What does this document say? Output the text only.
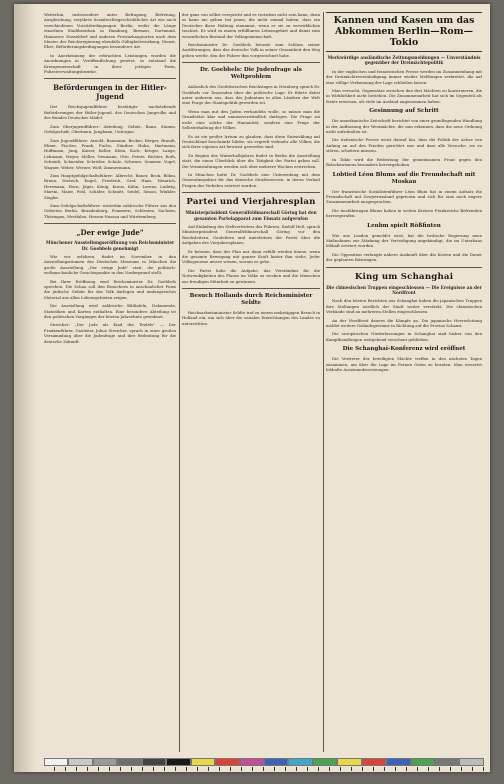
Weiterhin, insbesondere unter Befragung, Befreiung, Ausgleichung, verjährte Sozialrechtsgeschichtlicher Art wie auch verschiedenen Vorsitzbedingungen Berlin, wofür die Länge einzelnen Stadtbezirken in Hamburg, Bremen, Dortmund, Hannover, Düsseldorf und anderen Provinzhauptorten nach dem Muster der Reichsregierung ebenfalls Gültigkeitswirkung, Dienst, Ehre, Beförderungsbedingungen besonderer Art.

In Anerkennung der erbrachten Leistungen wurden die Anordnungen in Veröffentlichung gesetzt; so entstand die Kreisgemeinschaft in ihrer jetzigen Form, Polizeiverwaltungsbezirke.

Beförderungen in der Hitler-Jugend

Der Reichsjugendführer bestätigte nachstehende Beförderungen der Hitler-Jugend, des Deutschen Jungvolks und des Bundes Deutscher Mädel:

Zum Oberjugendführer: Abteilung, Gebiet, Bann, Stamm, Gefolgschaft, Oberbann, Jungbann, Untergau.

Zum Jugendführer: Arnold, Baumann, Becker, Berger, Brandt, Ebner, Fischer, Frank, Fuchs, Günther, Hahn, Hartmann, Hoffmann, Jung, Kaiser, Keller, Klein, Koch, Krüger, Lange, Lehmann, Meyer, Möller, Neumann, Otto, Peters, Richter, Roth, Schmidt, Schneider, Schröder, Schulz, Schwarz, Sommer, Vogel, Wagner, Weber, Werner, Wolf, Zimmermann.

Zum Hauptgefolgschaftsführer: Albrecht, Bauer, Beck, Böhm, Braun, Dietrich, Engel, Friedrich, Graf, Haas, Heinrich, Herrmann, Horn, Jäger, König, Kraus, Kühn, Lorenz, Ludwig, Martin, Maier, Pohl, Schäfer, Schmitt, Seidel, Simon, Winkler, Ziegler.

Zum Gefolgschaftsführer: weiterhin zahlreiche Führer aus den Gebieten Berlin, Brandenburg, Pommern, Schlesien, Sachsen, Thüringen, Westfalen, Hessen-Nassau und Württemberg.

„Der ewige Jude"
Münchener Ausstellungseröffnung von Reichsminister Dr. Goebbels genehmigt

Wie wir erfahren, findet im November in den Ausstellungsräumen des Deutschen Museums in München die große Ausstellung „Der ewige Jude" statt, die politisch-weltanschauliche Gesichtspunkte in den Vordergrund stellt.

Bei Ihrer Eröffnung wird Reichsminister Dr. Goebbels sprechen. Die Schau soll den Besuchern in anschaulicher Form die jüdische Gefahr für das Volk darlegen und umfangreiches Material aus allen Lebensgebieten zeigen.

Die Ausstellung wird zahlreiche Bildtafeln, Dokumente, Statistiken und Karten enthalten. Eine besondere Abteilung ist den politischen Vorgängen der letzten Jahrzehnte gewidmet.

Streicher: „Der Jude als Kind des Teufels" — Der Frankenführer, Gauleiter Julius Streicher, sprach in einer großen Versammlung über die Judenfrage und ihre Bedeutung für die deutsche Zukunft.

der ganz von selbst verspricht und es trotzdem nicht sein kann, denn es kann nie gehen bei jenen, die nicht einmal haben, dass ein Deutscher diese Haltung einnimmt, wenn er sie zu verwirklichen trachtet. Es wird zu einem erfüllbaren Lebensgebiet und damit zum wesentlichen Bestand der Volksgemeinschaft.

Reichsminister Dr. Goebbels betonte zum Schluss seiner Ausführungen, dass das deutsche Volk in seiner Gesamtheit den Weg gehen werde, den der Führer ihm vorgezeichnet habe.

Dr. Goebbels: Die Judenfrage als Weltproblem

Anlässlich des Großdeutschen Reichstages in Nürnberg sprach Dr. Goebbels vor Tausenden über die politische Lage. Er führte dabei unter anderem aus, dass das Judentum in allen Ländern der Welt eine Frage der Staatspolitik geworden sei.

Wenn man mit den Juden verhandeln wolle, so müsse man die Grundsätze klar und unmissverständlich darlegen. Die Frage sei nicht eine solche der Humanität, sondern eine Frage der Selbsterhaltung der Völker.

Es ist ein großer Irrtum zu glauben, dass diese Entwicklung auf Deutschland beschränkt bliebe; sie ergreift vielmehr alle Völker, die sich ihrer eigenen Art bewusst geworden sind.

Zu Beginn des Winterhalbjahres findet in Berlin die Ausstellung statt, die einen Überblick über die Tätigkeit der Partei geben soll. Die Veranstaltungen werden sich über mehrere Wochen erstrecken.

In München hatte Dr. Goebbels eine Unterredung mit dem Generalinspektor für das deutsche Straßenwesen, in deren Verlauf Fragen des Verkehrs erörtert wurden.

Partei und Vierjahresplan
Ministerpräsident Generalfeldmarschall Göring hat den gesamten Parteiapparat zum Einsatz aufgerufen

Auf Einladung des Stellvertreters des Führers, Rudolf Heß, sprach Ministerpräsident Generalfeldmarschall Göring vor den Reichsleitern, Gauleitern und Amtsleitern der Partei über die Aufgaben des Vierjahresplanes.

Er betonte, dass der Plan nur dann erfüllt werden könne, wenn die gesamte Bewegung mit ganzer Kraft hinter ihm stehe. Jeder Volksgenosse müsse wissen, worum es gehe.

Die Partei habe die Aufgabe, das Verständnis für die Notwendigkeiten des Planes im Volke zu wecken und die Menschen zur freudigen Mitarbeit zu gewinnen.

Besuch Hollands durch Reichsminister Seldte

Reichsarbeitsminister Seldte traf zu einem mehrtägigen Besuch in Holland ein, um sich über die sozialen Einrichtungen des Landes zu unterrichten.

Kannen und Kasen um das Abkommen Berlin—Rom—Tokio
Merkwürdige ausländische Zeitungsmeldungen — Unverständnis gegenüber der Dreimächtepolitik

In der englischen und französischen Presse werden im Zusammenhang mit der Dreimächteverständigung immer wieder Meldungen verbreitet, die auf eine völlige Verkennung der Lage schließen lassen.

Man versucht, Gegensätze zwischen den drei Mächten zu konstruieren, die in Wirklichkeit nicht bestehen. Die Zusammenarbeit hat sich im Gegenteil als fester erwiesen, als viele im Ausland angenommen haben.

Gesinnung auf Schritt

Die amerikanische Zeitschrift berichtet von einer grundlegenden Wandlung in der Auffassung der Westmächte, die nun erkennen, dass die neue Ordnung nicht aufzuhalten ist.

Die italienische Presse weist darauf hin, dass die Politik der Achse von Anfang an auf den Frieden gerichtet war und dass alle Versuche, sie zu stören, scheitern müssen.

In Tokio wird die Bedeutung der gemeinsamen Front gegen den Bolschewismus besonders hervorgehoben.

Lobtied Léon Blums auf die Freundschaft mit Moskau

Der französische Sozialistenführer Léon Blum hat in einem Aufsatz die Freundschaft mit Sowjetrussland gepriesen und sich für eine noch engere Zusammenarbeit ausgesprochen.

Die Ausführungen Blums haben in weiten Kreisen Frankreichs Befremden hervorgerufen.

Lenbm spielt Rößfinten

Wie aus London gemeldet wird, hat die britische Regierung neue Maßnahmen zur Stärkung der Verteidigung angekündigt, die im Unterhaus lebhaft erörtert wurden.

Die Opposition verlangte nähere Auskunft über die Kosten und die Dauer der geplanten Rüstungen.

King um Schanghai
Die chinesischen Truppen eingeschlossen — Die Ereignisse an der Nordfront

Nach den letzten Berichten aus Schanghai haben die japanischen Truppen ihre Stellungen nördlich der Stadt weiter verstärkt. Die chinesischen Verbände sind an mehreren Stellen eingeschlossen.

An der Nordfront dauern die Kämpfe an. Die japanische Heeresleitung meldet weitere Geländegewinne in Richtung auf die Provinz Schansi.

Die europäischen Niederlassungen in Schanghai sind bisher von den Kampfhandlungen weitgehend verschont geblieben.

Die Schanghai-Konferenz wird eröffnet

Die Vertreter der beteiligten Mächte treffen in den nächsten Tagen zusammen, um über die Lage im Fernen Osten zu beraten. Man erwartet lebhafte Auseinandersetzungen.
